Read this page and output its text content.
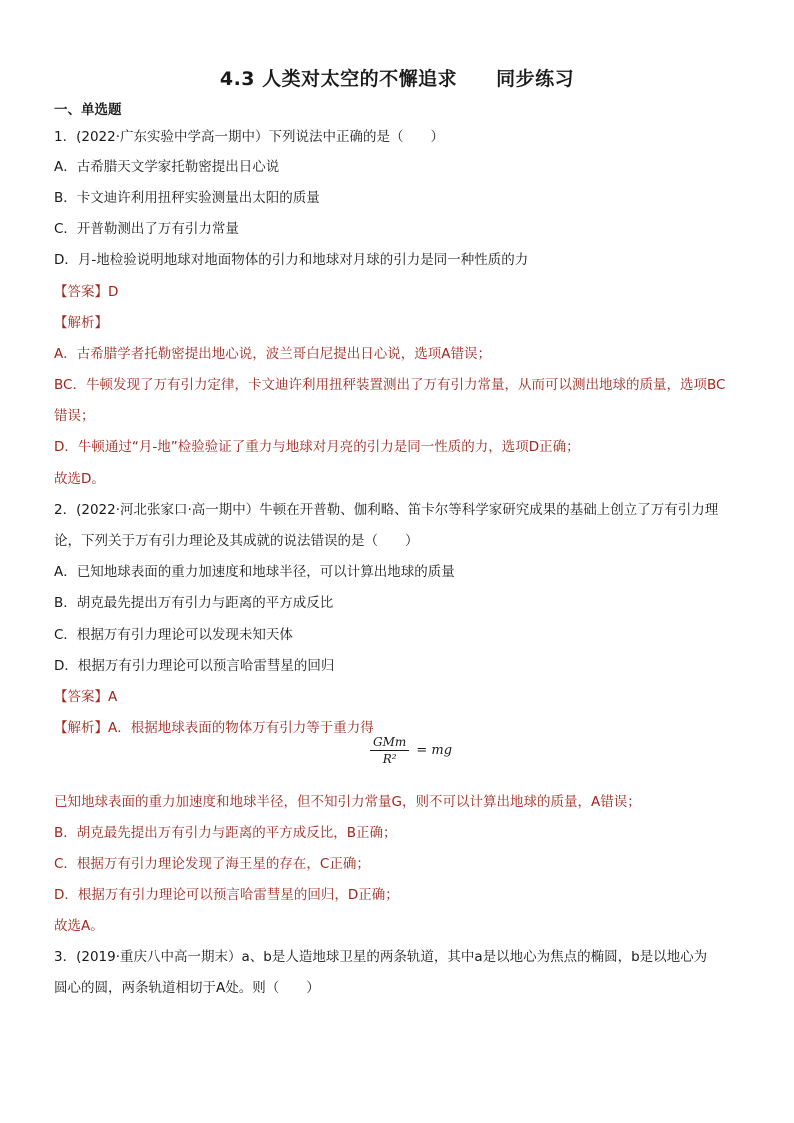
4.3 人类对太空的不懈追求　　同步练习
一、单选题
1．(2022·广东实验中学高一期中）下列说法中正确的是（　　）
A．古希腊天文学家托勒密提出日心说
B．卡文迪许利用扭秤实验测量出太阳的质量
C．开普勒测出了万有引力常量
D．月-地检验说明地球对地面物体的引力和地球对月球的引力是同一种性质的力
【答案】D
【解析】
A．古希腊学者托勒密提出地心说，波兰哥白尼提出日心说，选项A错误；
BC．牛顿发现了万有引力定律，卡文迪许利用扭秤装置测出了万有引力常量，从而可以测出地球的质量，选项BC
错误；
D．牛顿通过“月-地”检验验证了重力与地球对月亮的引力是同一性质的力，选项D正确；
故选D。
2．(2022·河北张家口·高一期中）牛顿在开普勒、伽利略、笛卡尔等科学家研究成果的基础上创立了万有引力理
论，下列关于万有引力理论及其成就的说法错误的是（　　）
A．已知地球表面的重力加速度和地球半径，可以计算出地球的质量
B．胡克最先提出万有引力与距离的平方成反比
C．根据万有引力理论可以发现未知天体
D．根据万有引力理论可以预言哈雷彗星的回归
【答案】A
【解析】A．根据地球表面的物体万有引力等于重力得
$\frac{\text{GMm}}{\text{R²}}$ = mg
已知地球表面的重力加速度和地球半径，但不知引力常量G，则不可以计算出地球的质量，A错误；
B．胡克最先提出万有引力与距离的平方成反比，B正确；
C．根据万有引力理论发现了海王星的存在，C正确；
D．根据万有引力理论可以预言哈雷彗星的回归，D正确；
故选A。
3．(2019·重庆八中高一期末）a、b是人造地球卫星的两条轨道，其中a是以地心为焦点的椭圆，b是以地心为
圆心的圆，两条轨道相切于A处。则（　　）
